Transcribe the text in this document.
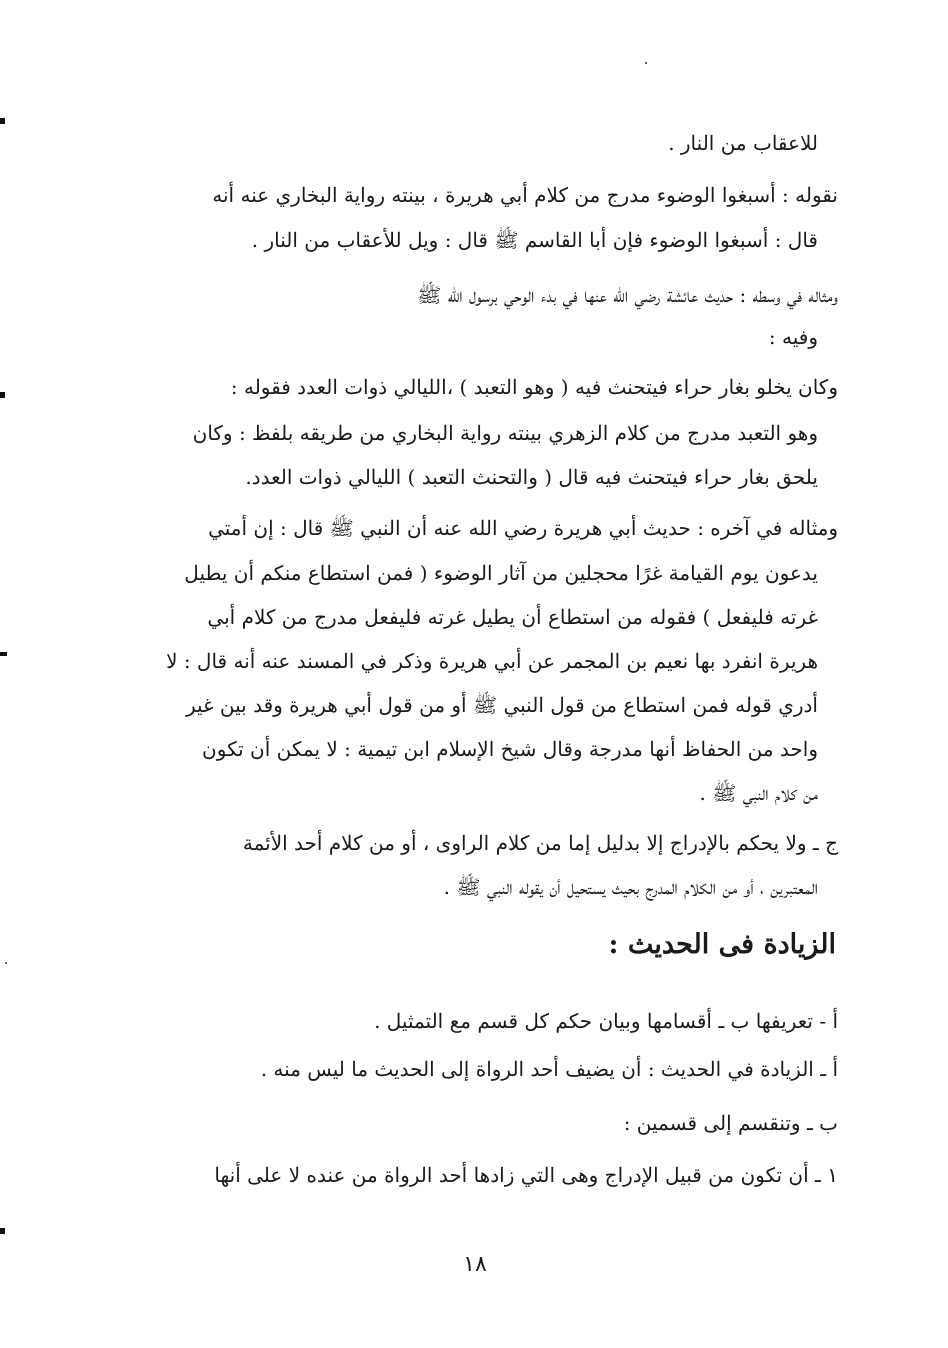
للاعقاب من النار .
نقوله : أسبغوا الوضوء مدرج من كلام أبي هريرة ، بينته رواية البخاري عنه أنه
قال : أسبغوا الوضوء فإن أبا القاسم ﷺ قال : ويل للأعقاب من النار .
ومثاله في وسطه : حديث عائشة رضي الله عنها في بدء الوحي برسول الله ﷺ
وفيه :
وكان يخلو بغار حراء فيتحنث فيه ( وهو التعبد ) ،الليالي ذوات العدد فقوله :
وهو التعبد مدرج من كلام الزهري بينته رواية البخاري من طريقه بلفظ : وكان
يلحق بغار حراء فيتحنث فيه قال ( والتحنث التعبد ) الليالي ذوات العدد.
ومثاله في آخره : حديث أبي هريرة رضي الله عنه أن النبي ﷺ قال : إن أمتي
يدعون يوم القيامة غرًا محجلين من آثار الوضوء ( فمن استطاع منكم أن يطيل
غرته فليفعل ) فقوله من استطاع أن يطيل غرته فليفعل مدرج من كلام أبي
هريرة انفرد بها نعيم بن المجمر عن أبي هريرة وذكر في المسند عنه أنه قال : لا
أدري قوله فمن استطاع من قول النبي ﷺ أو من قول أبي هريرة وقد بين غير
واحد من الحفاظ أنها مدرجة وقال شيخ الإسلام ابن تيمية : لا يمكن أن تكون
من كلام النبي ﷺ .
ج ـ ولا يحكم بالإدراج إلا بدليل إما من كلام الراوى ، أو من كلام أحد الأئمة
المعتبرين ، أو من الكلام المدرج بحيث يستحيل أن يقوله النبي ﷺ .
أ - تعريفها ب ـ أقسامها وبيان حكم كل قسم مع التمثيل .
أ ـ الزيادة في الحديث : أن يضيف أحد الرواة إلى الحديث ما ليس منه .
ب ـ وتنقسم إلى قسمين :
١ ـ أن تكون من قبيل الإدراج وهى التي زادها أحد الرواة من عنده لا على أنها
الزيادة فى الحديث :
١٨
